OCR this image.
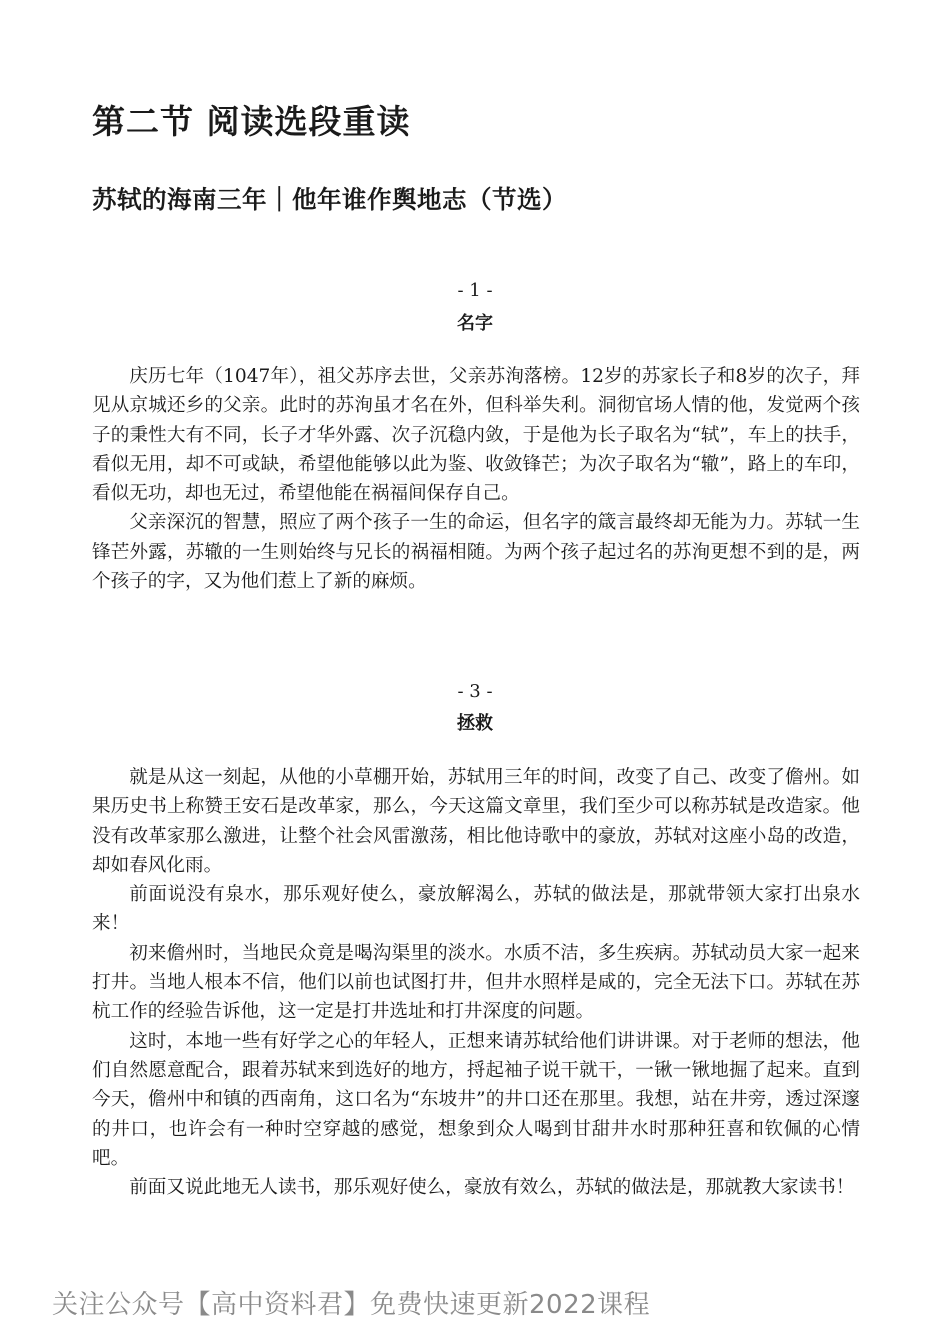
第二节 阅读选段重读
苏轼的海南三年｜他年谁作舆地志（节选）
- 1 -
名字

庆历七年（1047年），祖父苏序去世，父亲苏洵落榜。12岁的苏家长子和8岁的次子，拜见从京城还乡的父亲。此时的苏洵虽才名在外，但科举失利。洞彻官场人情的他，发觉两个孩子的秉性大有不同，长子才华外露、次子沉稳内敛，于是他为长子取名为“轼”，车上的扶手，看似无用，却不可或缺，希望他能够以此为鉴、收敛锋芒；为次子取名为“辙”，路上的车印，看似无功，却也无过，希望他能在祸福间保存自己。

父亲深沉的智慧，照应了两个孩子一生的命运，但名字的箴言最终却无能为力。苏轼一生锋芒外露，苏辙的一生则始终与兄长的祸福相随。为两个孩子起过名的苏洵更想不到的是，两个孩子的字，又为他们惹上了新的麻烦。

- 3 -
拯救

就是从这一刻起，从他的小草棚开始，苏轼用三年的时间，改变了自己、改变了儋州。如果历史书上称赞王安石是改革家，那么，今天这篇文章里，我们至少可以称苏轼是改造家。他没有改革家那么激进，让整个社会风雷激荡，相比他诗歌中的豪放，苏轼对这座小岛的改造，却如春风化雨。

前面说没有泉水，那乐观好使么，豪放解渴么，苏轼的做法是，那就带领大家打出泉水来！

初来儋州时，当地民众竟是喝沟渠里的淡水。水质不洁，多生疾病。苏轼动员大家一起来打井。当地人根本不信，他们以前也试图打井，但井水照样是咸的，完全无法下口。苏轼在苏杭工作的经验告诉他，这一定是打井选址和打井深度的问题。

这时，本地一些有好学之心的年轻人，正想来请苏轼给他们讲讲课。对于老师的想法，他们自然愿意配合，跟着苏轼来到选好的地方，捋起袖子说干就干，一锹一锹地掘了起来。直到今天，儋州中和镇的西南角，这口名为“东坡井”的井口还在那里。我想，站在井旁，透过深邃的井口，也许会有一种时空穿越的感觉，想象到众人喝到甘甜井水时那种狂喜和钦佩的心情吧。

前面又说此地无人读书，那乐观好使么，豪放有效么，苏轼的做法是，那就教大家读书！

关注公众号【高中资料君】免费快速更新2022课程
